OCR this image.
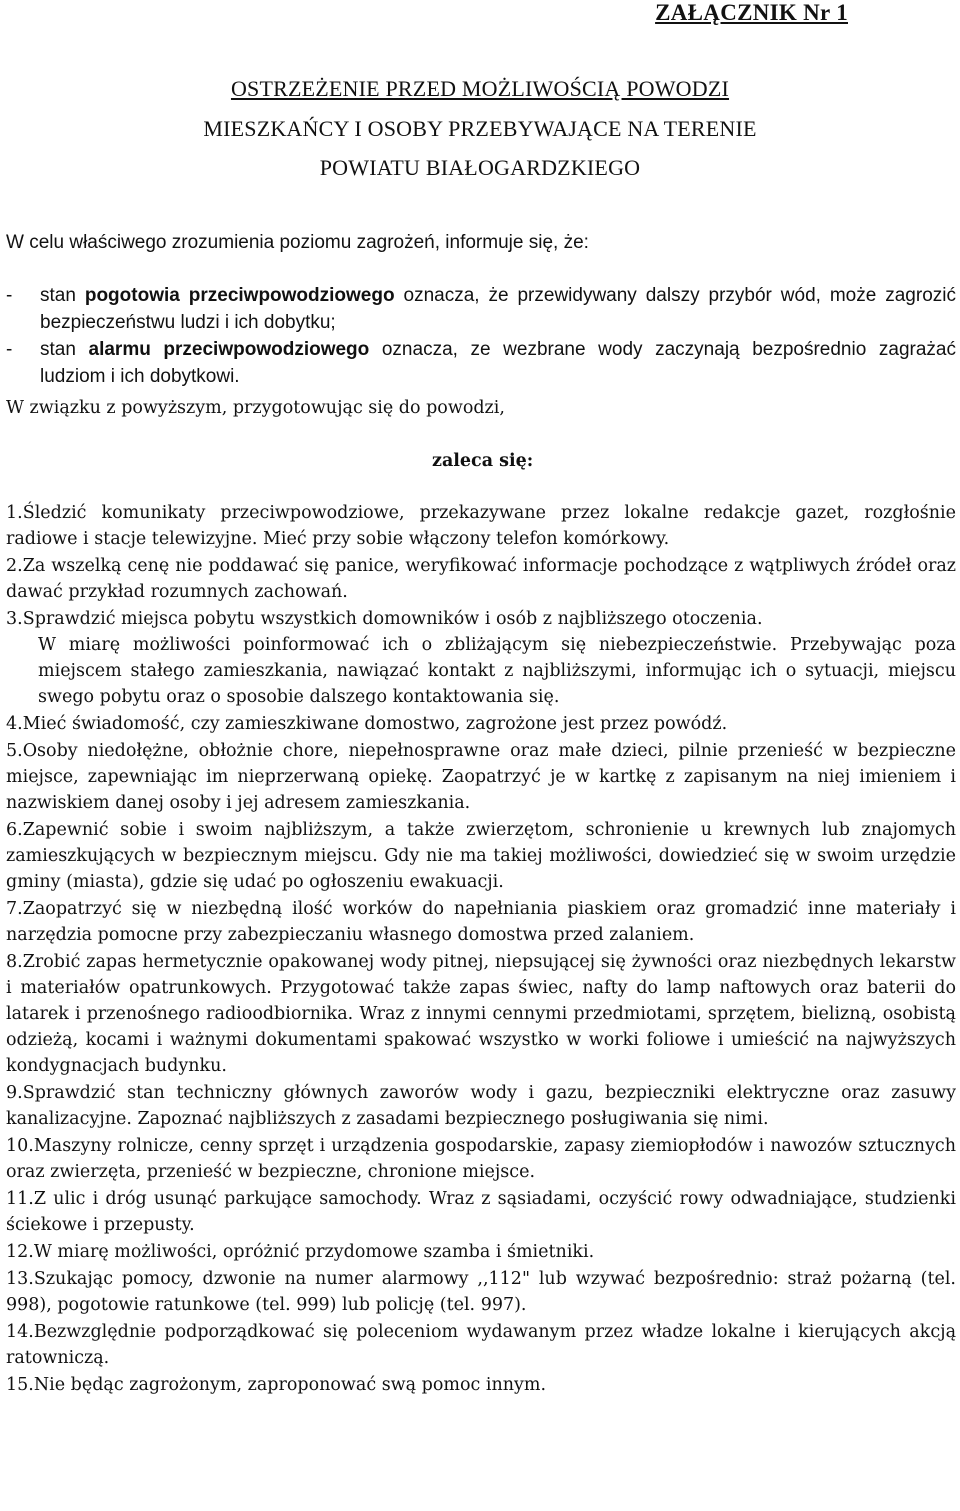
ZAŁĄCZNIK Nr 1
OSTRZEŻENIE PRZED MOŻLIWOŚCIĄ POWODZI
MIESZKAŃCY I OSOBY PRZEBYWAJĄCE NA TERENIE
POWIATU BIAŁOGARDZKIEGO
W celu właściwego zrozumienia poziomu zagrożeń, informuje się, że:
-	stan pogotowia przeciwpowodziowego oznacza, że przewidywany dalszy przybór wód, może zagrozić bezpieczeństwu ludzi i ich dobytku;
-	stan alarmu przeciwpowodziowego oznacza, ze wezbrane wody zaczynają bezpośrednio zagrażać ludziom i ich dobytkowi.
W związku z powyższym, przygotowując się do powodzi,
zaleca się:
1.Śledzić komunikaty przeciwpowodziowe, przekazywane przez lokalne redakcje gazet, rozgłośnie radiowe i stacje telewizyjne. Mieć przy sobie włączony telefon komórkowy.
2.Za wszelką cenę nie poddawać się panice, weryfikować informacje pochodzące z wątpliwych źródeł oraz dawać przykład rozumnych zachowań.
3.Sprawdzić miejsca pobytu wszystkich domowników i osób z najbliższego otoczenia.
W miarę możliwości poinformować ich o zbliżającym się niebezpieczeństwie. Przebywając poza miejscem stałego zamieszkania, nawiązać kontakt z najbliższymi, informując ich o sytuacji, miejscu swego pobytu oraz o sposobie dalszego kontaktowania się.
4.Mieć świadomość, czy zamieszkiwane domostwo, zagrożone jest przez powódź.
5.Osoby niedołężne, obłożnie chore, niepełnosprawne oraz małe dzieci, pilnie przenieść w bezpieczne miejsce, zapewniając im nieprzerwaną opiekę. Zaopatrzyć je w kartkę z zapisanym na niej imieniem i nazwiskiem danej osoby i jej adresem zamieszkania.
6.Zapewnić sobie i swoim najbliższym, a także zwierzętom, schronienie u krewnych lub znajomych zamieszkujących w bezpiecznym miejscu. Gdy nie ma takiej możliwości, dowiedzieć się w swoim urzędzie gminy (miasta), gdzie się udać po ogłoszeniu ewakuacji.
7.Zaopatrzyć się w niezbędną ilość worków do napełniania piaskiem oraz gromadzić inne materiały i narzędzia pomocne przy zabezpieczaniu własnego domostwa przed zalaniem.
8.Zrobić zapas hermetycznie opakowanej wody pitnej, niepsującej się żywności oraz niezbędnych lekarstw i materiałów opatrunkowych. Przygotować także zapas świec, nafty do lamp naftowych oraz baterii do latarek i przenośnego radioodbiornika. Wraz z innymi cennymi przedmiotami, sprzętem, bielizną, osobistą odzieżą, kocami i ważnymi dokumentami spakować wszystko w worki foliowe i umieścić na najwyższych kondygnacjach budynku.
9.Sprawdzić stan techniczny głównych zaworów wody i gazu, bezpieczniki elektryczne oraz zasuwy kanalizacyjne. Zapoznać najbliższych z zasadami bezpiecznego posługiwania się nimi.
10.Maszyny rolnicze, cenny sprzęt i urządzenia gospodarskie, zapasy ziemiopłodów i nawozów sztucznych oraz zwierzęta, przenieść w bezpieczne, chronione miejsce.
11.Z ulic i dróg usunąć parkujące samochody. Wraz z sąsiadami, oczyścić rowy odwadniające, studzienki ściekowe i przepusty.
12.W miarę możliwości, opróżnić przydomowe szamba i śmietniki.
13.Szukając pomocy, dzwonie na numer alarmowy ,,112" lub wzywać bezpośrednio: straż pożarną (tel. 998), pogotowie ratunkowe (tel. 999) lub policję (tel. 997).
14.Bezwzględnie podporządkować się poleceniom wydawanym przez władze lokalne i kierujących akcją ratowniczą.
15.Nie będąc zagrożonym, zaproponować swą pomoc innym.
